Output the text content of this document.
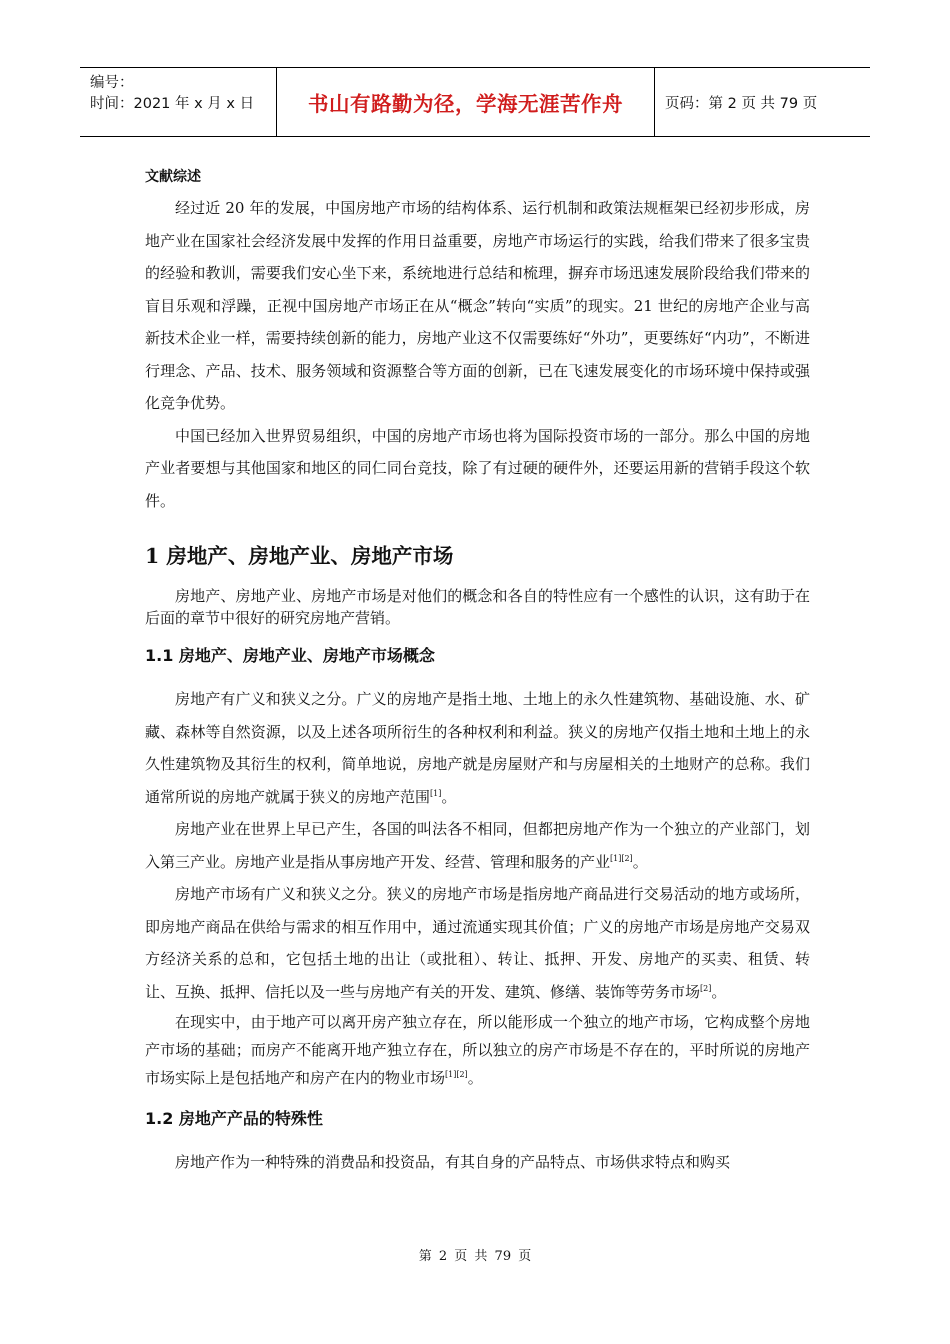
编号：
时间：2021 年 x 月 x 日	书山有路勤为径，学海无涯苦作舟	页码：第 2 页 共 79 页
文献综述

经过近 20 年的发展，中国房地产市场的结构体系、运行机制和政策法规框架已经初步形成，房地产业在国家社会经济发展中发挥的作用日益重要，房地产市场运行的实践，给我们带来了很多宝贵的经验和教训，需要我们安心坐下来，系统地进行总结和梳理，摒弃市场迅速发展阶段给我们带来的盲目乐观和浮躁，正视中国房地产市场正在从“概念”转向“实质”的现实。21 世纪的房地产企业与高新技术企业一样，需要持续创新的能力，房地产业这不仅需要练好“外功”，更要练好“内功”，不断进行理念、产品、技术、服务领域和资源整合等方面的创新，已在飞速发展变化的市场环境中保持或强化竞争优势。

中国已经加入世界贸易组织，中国的房地产市场也将为国际投资市场的一部分。那么中国的房地产业者要想与其他国家和地区的同仁同台竞技，除了有过硬的硬件外，还要运用新的营销手段这个软件。

1 房地产、房地产业、房地产市场

房地产、房地产业、房地产市场是对他们的概念和各自的特性应有一个感性的认识，这有助于在后面的章节中很好的研究房地产营销。

1.1 房地产、房地产业、房地产市场概念

房地产有广义和狭义之分。广义的房地产是指土地、土地上的永久性建筑物、基础设施、水、矿藏、森林等自然资源，以及上述各项所衍生的各种权利和利益。狭义的房地产仅指土地和土地上的永久性建筑物及其衍生的权利，简单地说，房地产就是房屋财产和与房屋相关的土地财产的总称。我们通常所说的房地产就属于狭义的房地产范围[1]。

房地产业在世界上早已产生，各国的叫法各不相同，但都把房地产作为一个独立的产业部门，划入第三产业。房地产业是指从事房地产开发、经营、管理和服务的产业[1][2]。

房地产市场有广义和狭义之分。狭义的房地产市场是指房地产商品进行交易活动的地方或场所，即房地产商品在供给与需求的相互作用中，通过流通实现其价值；广义的房地产市场是房地产交易双方经济关系的总和，它包括土地的出让（或批租）、转让、抵押、开发、房地产的买卖、租赁、转让、互换、抵押、信托以及一些与房地产有关的开发、建筑、修缮、装饰等劳务市场[2]。

在现实中，由于地产可以离开房产独立存在，所以能形成一个独立的地产市场，它构成整个房地产市场的基础；而房产不能离开地产独立存在，所以独立的房产市场是不存在的，平时所说的房地产市场实际上是包括地产和房产在内的物业市场[1][2]。

1.2 房地产产品的特殊性

房地产作为一种特殊的消费品和投资品，有其自身的产品特点、市场供求特点和购买

第 2 页 共 79 页
